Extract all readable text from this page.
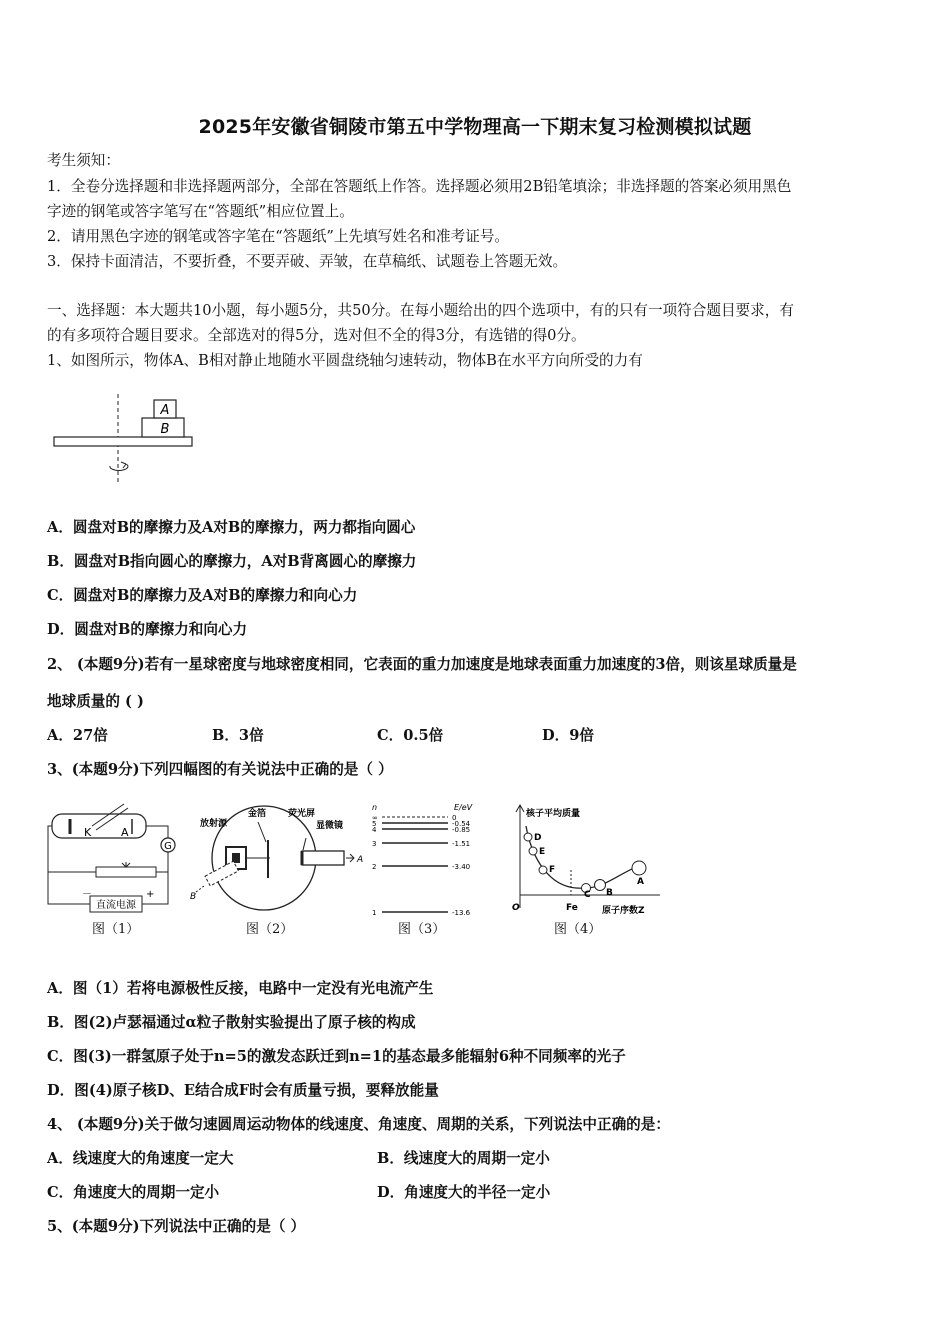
2025年安徽省铜陵市第五中学物理高一下期末复习检测模拟试题
考生须知：
1．全卷分选择题和非选择题两部分，全部在答题纸上作答。选择题必须用2B铅笔填涂；非选择题的答案必须用黑色
字迹的钢笔或答字笔写在“答题纸”相应位置上。
2．请用黑色字迹的钢笔或答字笔在“答题纸”上先填写姓名和准考证号。
3．保持卡面清洁，不要折叠，不要弄破、弄皱，在草稿纸、试题卷上答题无效。
一、选择题：本大题共10小题，每小题5分，共50分。在每小题给出的四个选项中，有的只有一项符合题目要求，有
的有多项符合题目要求。全部选对的得5分，选对但不全的得3分，有选错的得0分。
1、如图所示，物体A、B相对静止地随水平圆盘绕轴匀速转动，物体B在水平方向所受的力有
A
B
A．圆盘对B的摩擦力及A对B的摩擦力，两力都指向圆心
B．圆盘对B指向圆心的摩擦力，A对B背离圆心的摩擦力
C．圆盘对B的摩擦力及A对B的摩擦力和向心力
D．圆盘对B的摩擦力和向心力
2、 (本题9分)若有一星球密度与地球密度相同，它表面的重力加速度是地球表面重力加速度的3倍，则该星球质量是
地球质量的 ( )
A．27倍	B．3倍	C．0.5倍	D．9倍
3、(本题9分)下列四幅图的有关说法中正确的是（ ）
K	A
G
直流电源
－	+
图（1）
A
B
金箔
放射源
荧光屏
显微镜
图（2）
n	E/eV
∞	0
5	-0.54
4	-0.85
3	-1.51
2	-3.40
1	-13.6
图（3）
核子平均质量
原子序数Z
O	Fe
D
E
F
C B
A
图（4）
A．图（1）若将电源极性反接，电路中一定没有光电流产生
B．图(2)卢瑟福通过α粒子散射实验提出了原子核的构成
C．图(3)一群氢原子处于n=5的激发态跃迁到n=1的基态最多能辐射6种不同频率的光子
D．图(4)原子核D、E结合成F时会有质量亏损，要释放能量
4、 (本题9分)关于做匀速圆周运动物体的线速度、角速度、周期的关系，下列说法中正确的是：
A．线速度大的角速度一定大	B．线速度大的周期一定小
C．角速度大的周期一定小	D．角速度大的半径一定小
5、(本题9分)下列说法中正确的是（ ）
